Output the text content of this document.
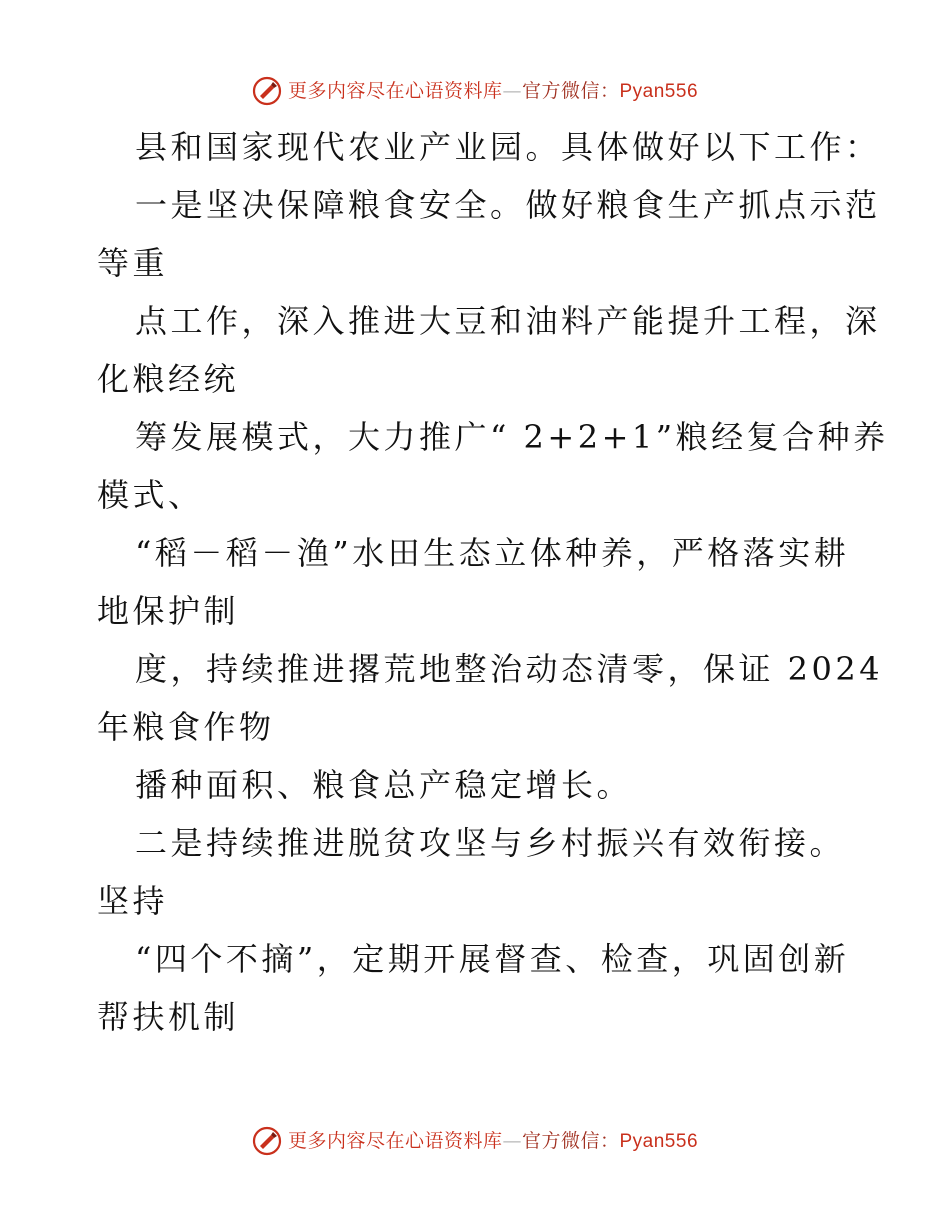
更多内容尽在心语资料库—官方微信：Pyan556
县和国家现代农业产业园。具体做好以下工作：
一是坚决保障粮食安全。做好粮食生产抓点示范
等重
点工作，深入推进大豆和油料产能提升工程，深
化粮经统
筹发展模式，大力推广“ 2+2+1”粮经复合种养
模式、
“稻－稻－渔”水田生态立体种养，严格落实耕
地保护制
度，持续推进撂荒地整治动态清零，保证 2024
年粮食作物
播种面积、粮食总产稳定增长。
二是持续推进脱贫攻坚与乡村振兴有效衔接。
坚持
“四个不摘”，定期开展督查、检查，巩固创新
帮扶机制
更多内容尽在心语资料库—官方微信：Pyan556
